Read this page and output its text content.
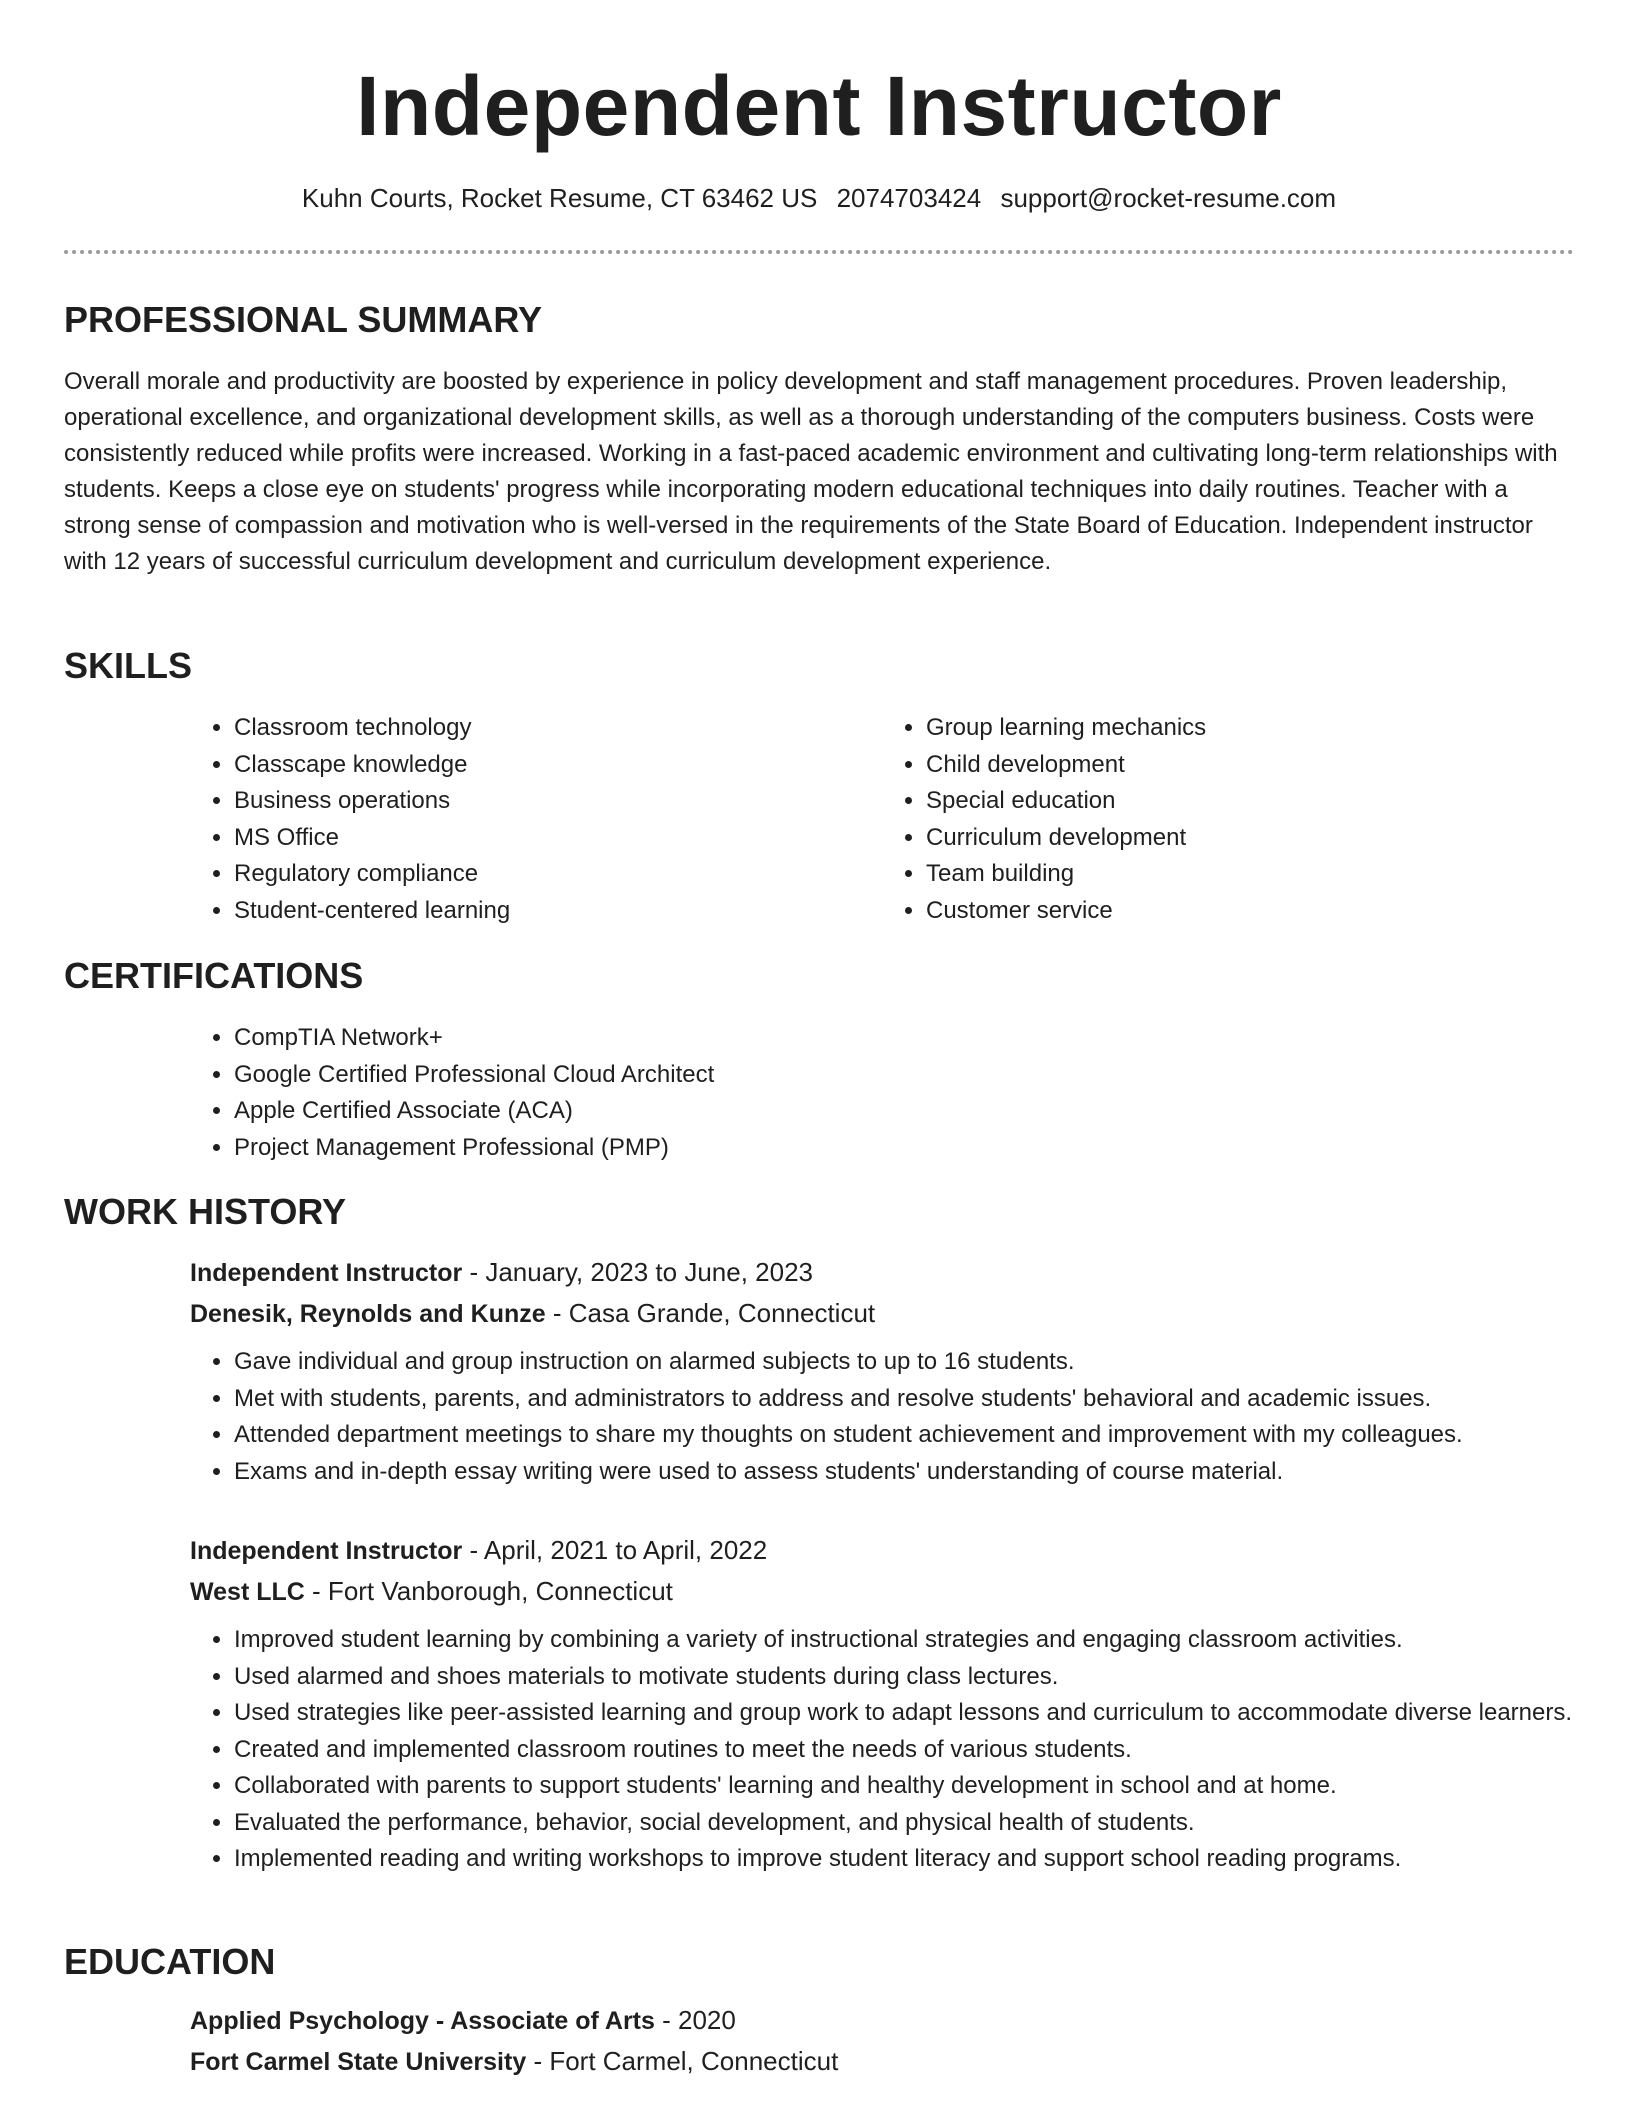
Independent Instructor
Kuhn Courts, Rocket Resume, CT 63462 US 2074703424 support@rocket-resume.com
PROFESSIONAL SUMMARY

Overall morale and productivity are boosted by experience in policy development and staff management procedures. Proven leadership, operational excellence, and organizational development skills, as well as a thorough understanding of the computers business. Costs were consistently reduced while profits were increased. Working in a fast-paced academic environment and cultivating long-term relationships with students. Keeps a close eye on students' progress while incorporating modern educational techniques into daily routines. Teacher with a strong sense of compassion and motivation who is well-versed in the requirements of the State Board of Education. Independent instructor with 12 years of successful curriculum development and curriculum development experience.

SKILLS
• Classroom technology
• Classcape knowledge
• Business operations
• MS Office
• Regulatory compliance
• Student-centered learning
• Group learning mechanics
• Child development
• Special education
• Curriculum development
• Team building
• Customer service
CERTIFICATIONS
• CompTIA Network+
• Google Certified Professional Cloud Architect
• Apple Certified Associate (ACA)
• Project Management Professional (PMP)
WORK HISTORY
Independent Instructor - January, 2023 to June, 2023
Denesik, Reynolds and Kunze - Casa Grande, Connecticut
• Gave individual and group instruction on alarmed subjects to up to 16 students.
• Met with students, parents, and administrators to address and resolve students' behavioral and academic issues.
• Attended department meetings to share my thoughts on student achievement and improvement with my colleagues.
• Exams and in-depth essay writing were used to assess students' understanding of course material.
Independent Instructor - April, 2021 to April, 2022
West LLC - Fort Vanborough, Connecticut
• Improved student learning by combining a variety of instructional strategies and engaging classroom activities.
• Used alarmed and shoes materials to motivate students during class lectures.
• Used strategies like peer-assisted learning and group work to adapt lessons and curriculum to accommodate diverse learners.
• Created and implemented classroom routines to meet the needs of various students.
• Collaborated with parents to support students' learning and healthy development in school and at home.
• Evaluated the performance, behavior, social development, and physical health of students.
• Implemented reading and writing workshops to improve student literacy and support school reading programs.
EDUCATION
Applied Psychology - Associate of Arts - 2020
Fort Carmel State University - Fort Carmel, Connecticut
